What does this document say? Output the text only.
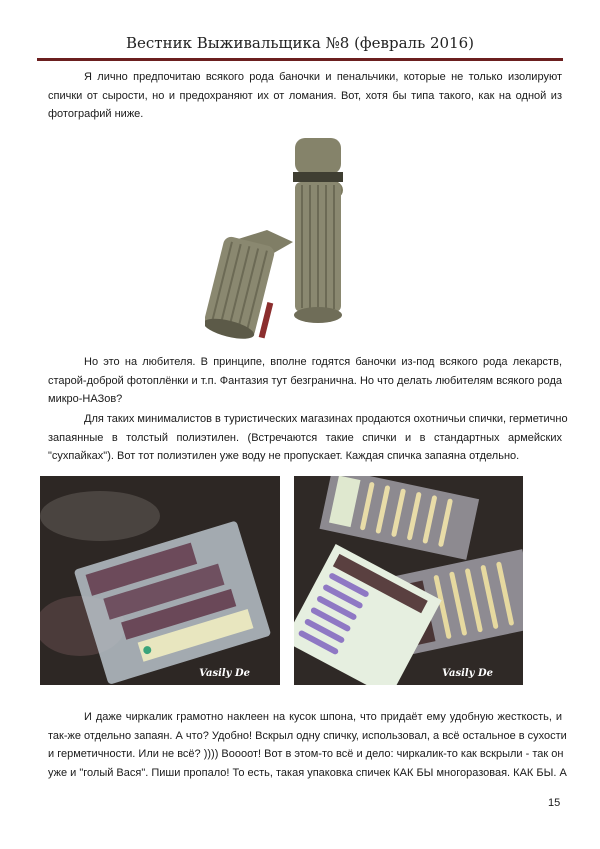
Вестник Выживальщика №8 (февраль 2016)
Я лично предпочитаю всякого рода баночки и пенальчики, которые не только изолируют
спички от сырости, но и предохраняют их от ломания. Вот, хотя бы типа такого, как на одной из
фотографий ниже.
Но это на любителя. В принципе, вполне годятся баночки из-под всякого рода лекарств,
старой-доброй фотоплёнки и т.п. Фантазия тут безгранична. Но что делать любителям всякого рода
микро-НАЗов?
Для таких минималистов в туристических магазинах продаются охотничьи спички, герметично
запаянные в толстый полиэтилен. (Встречаются такие спички и в стандартных армейских
"сухпайках"). Вот тот полиэтилен уже воду не пропускает. Каждая спичка запаяна отдельно.
Vasily De	Vasily De
И даже чиркалик грамотно наклеен на кусок шпона, что придаёт ему удобную жесткость, и
так-же отдельно запаян. А что? Удобно! Вскрыл одну спичку, использовал, а всё остальное в сухости
и герметичности. Или не всё? )))) Воооот! Вот в этом-то всё и дело: чиркалик-то как вскрыли - так он
уже и "голый Вася". Пиши пропало! То есть, такая упаковка спичек КАК БЫ многоразовая. КАК БЫ. А
15
